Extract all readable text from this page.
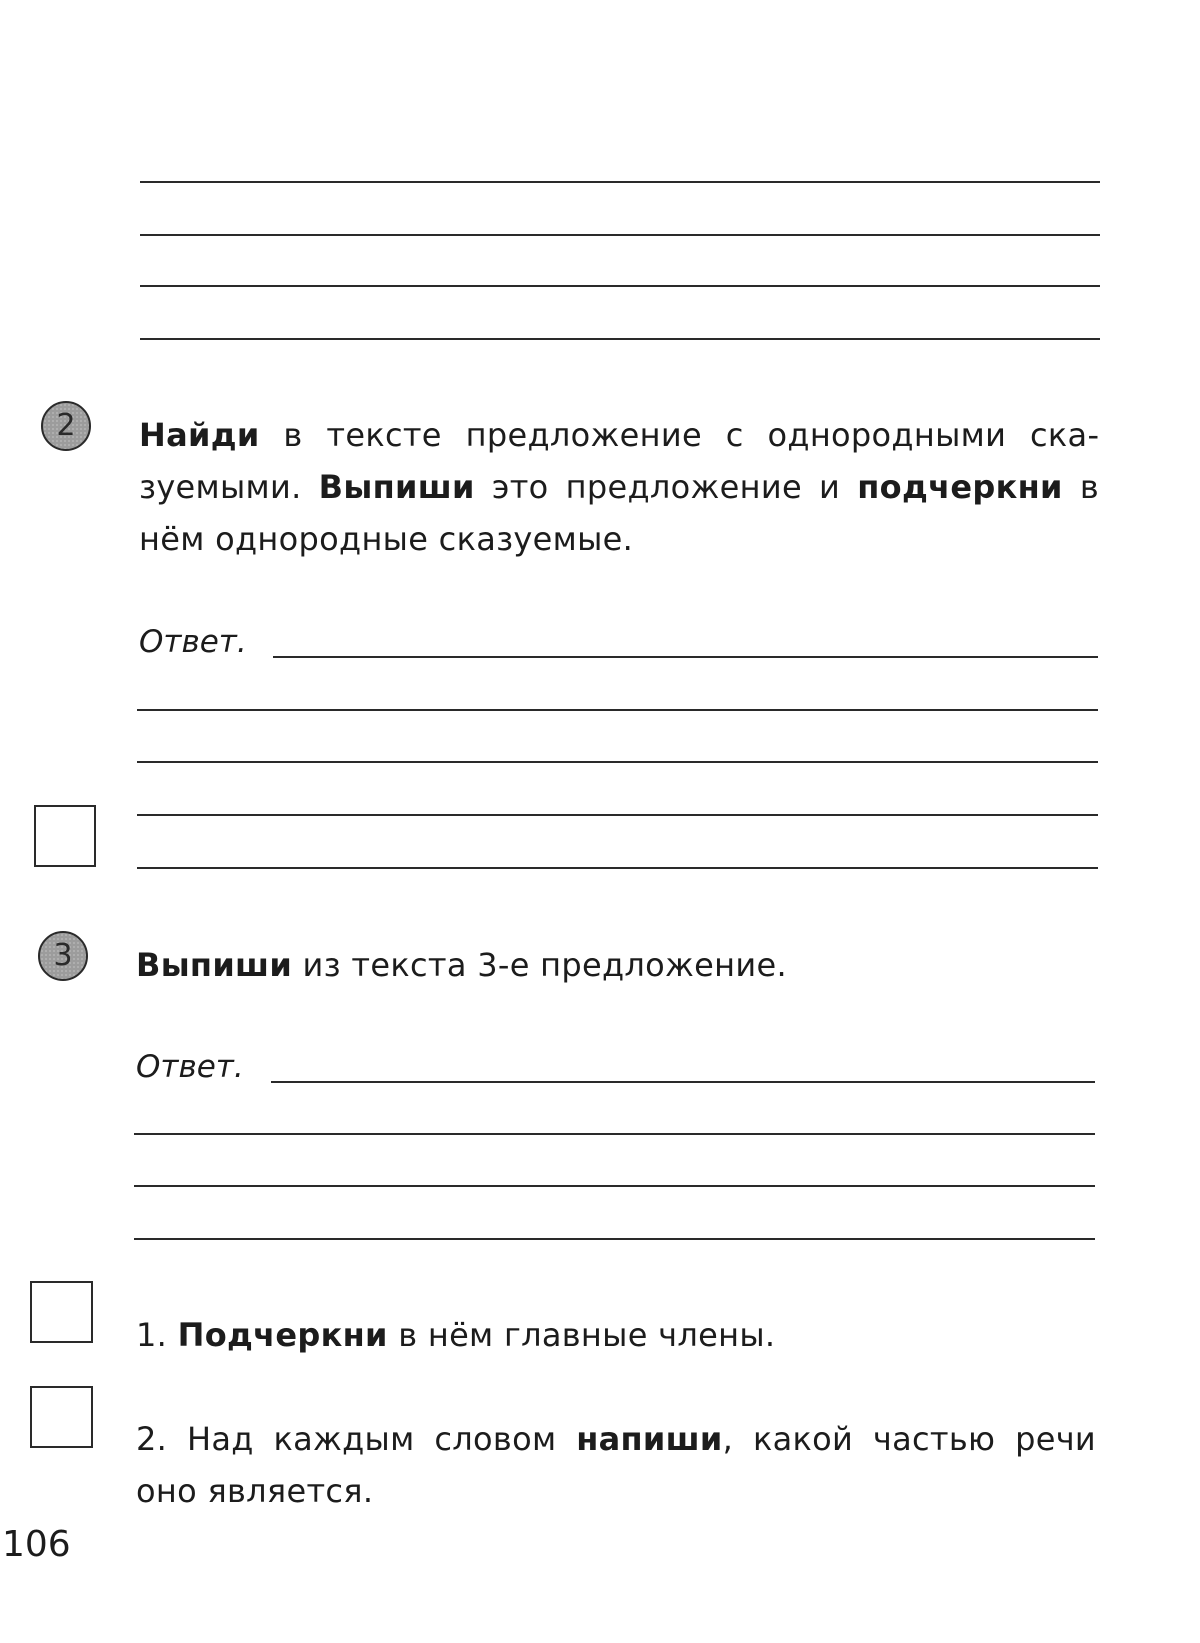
2 Найди в тексте предложение с однородными сказуемыми. Выпиши это предложение и подчеркни в нём однородные сказуемые.

Ответ.
3 Выпиши из текста 3-е предложение.

Ответ.

1. Подчеркни в нём главные члены.

2. Над каждым словом напиши, какой частью речи оно является.

106
